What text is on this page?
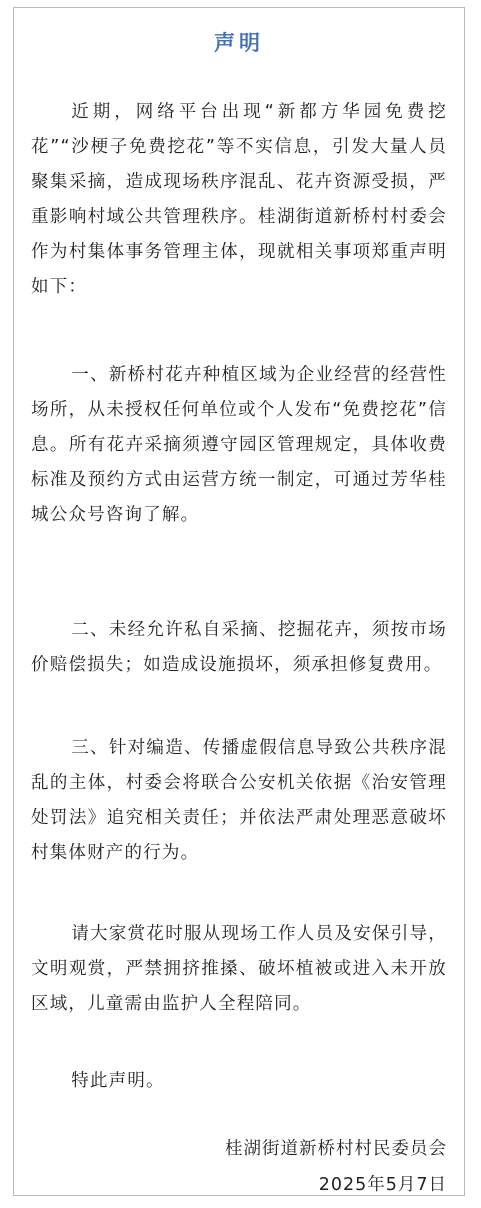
声明

近期，网络平台出现“新都方华园免费挖花”“沙梗子免费挖花”等不实信息，引发大量人员聚集采摘，造成现场秩序混乱、花卉资源受损，严重影响村域公共管理秩序。桂湖街道新桥村村委会作为村集体事务管理主体，现就相关事项郑重声明如下：

一、新桥村花卉种植区域为企业经营的经营性场所，从未授权任何单位或个人发布“免费挖花”信息。所有花卉采摘须遵守园区管理规定，具体收费标准及预约方式由运营方统一制定，可通过芳华桂城公众号咨询了解。

二、未经允许私自采摘、挖掘花卉，须按市场价赔偿损失；如造成设施损坏，须承担修复费用。

三、针对编造、传播虚假信息导致公共秩序混乱的主体，村委会将联合公安机关依据《治安管理处罚法》追究相关责任；并依法严肃处理恶意破坏村集体财产的行为。

请大家赏花时服从现场工作人员及安保引导，文明观赏，严禁拥挤推搡、破坏植被或进入未开放区域，儿童需由监护人全程陪同。

特此声明。

桂湖街道新桥村村民委员会
2025年5月7日
